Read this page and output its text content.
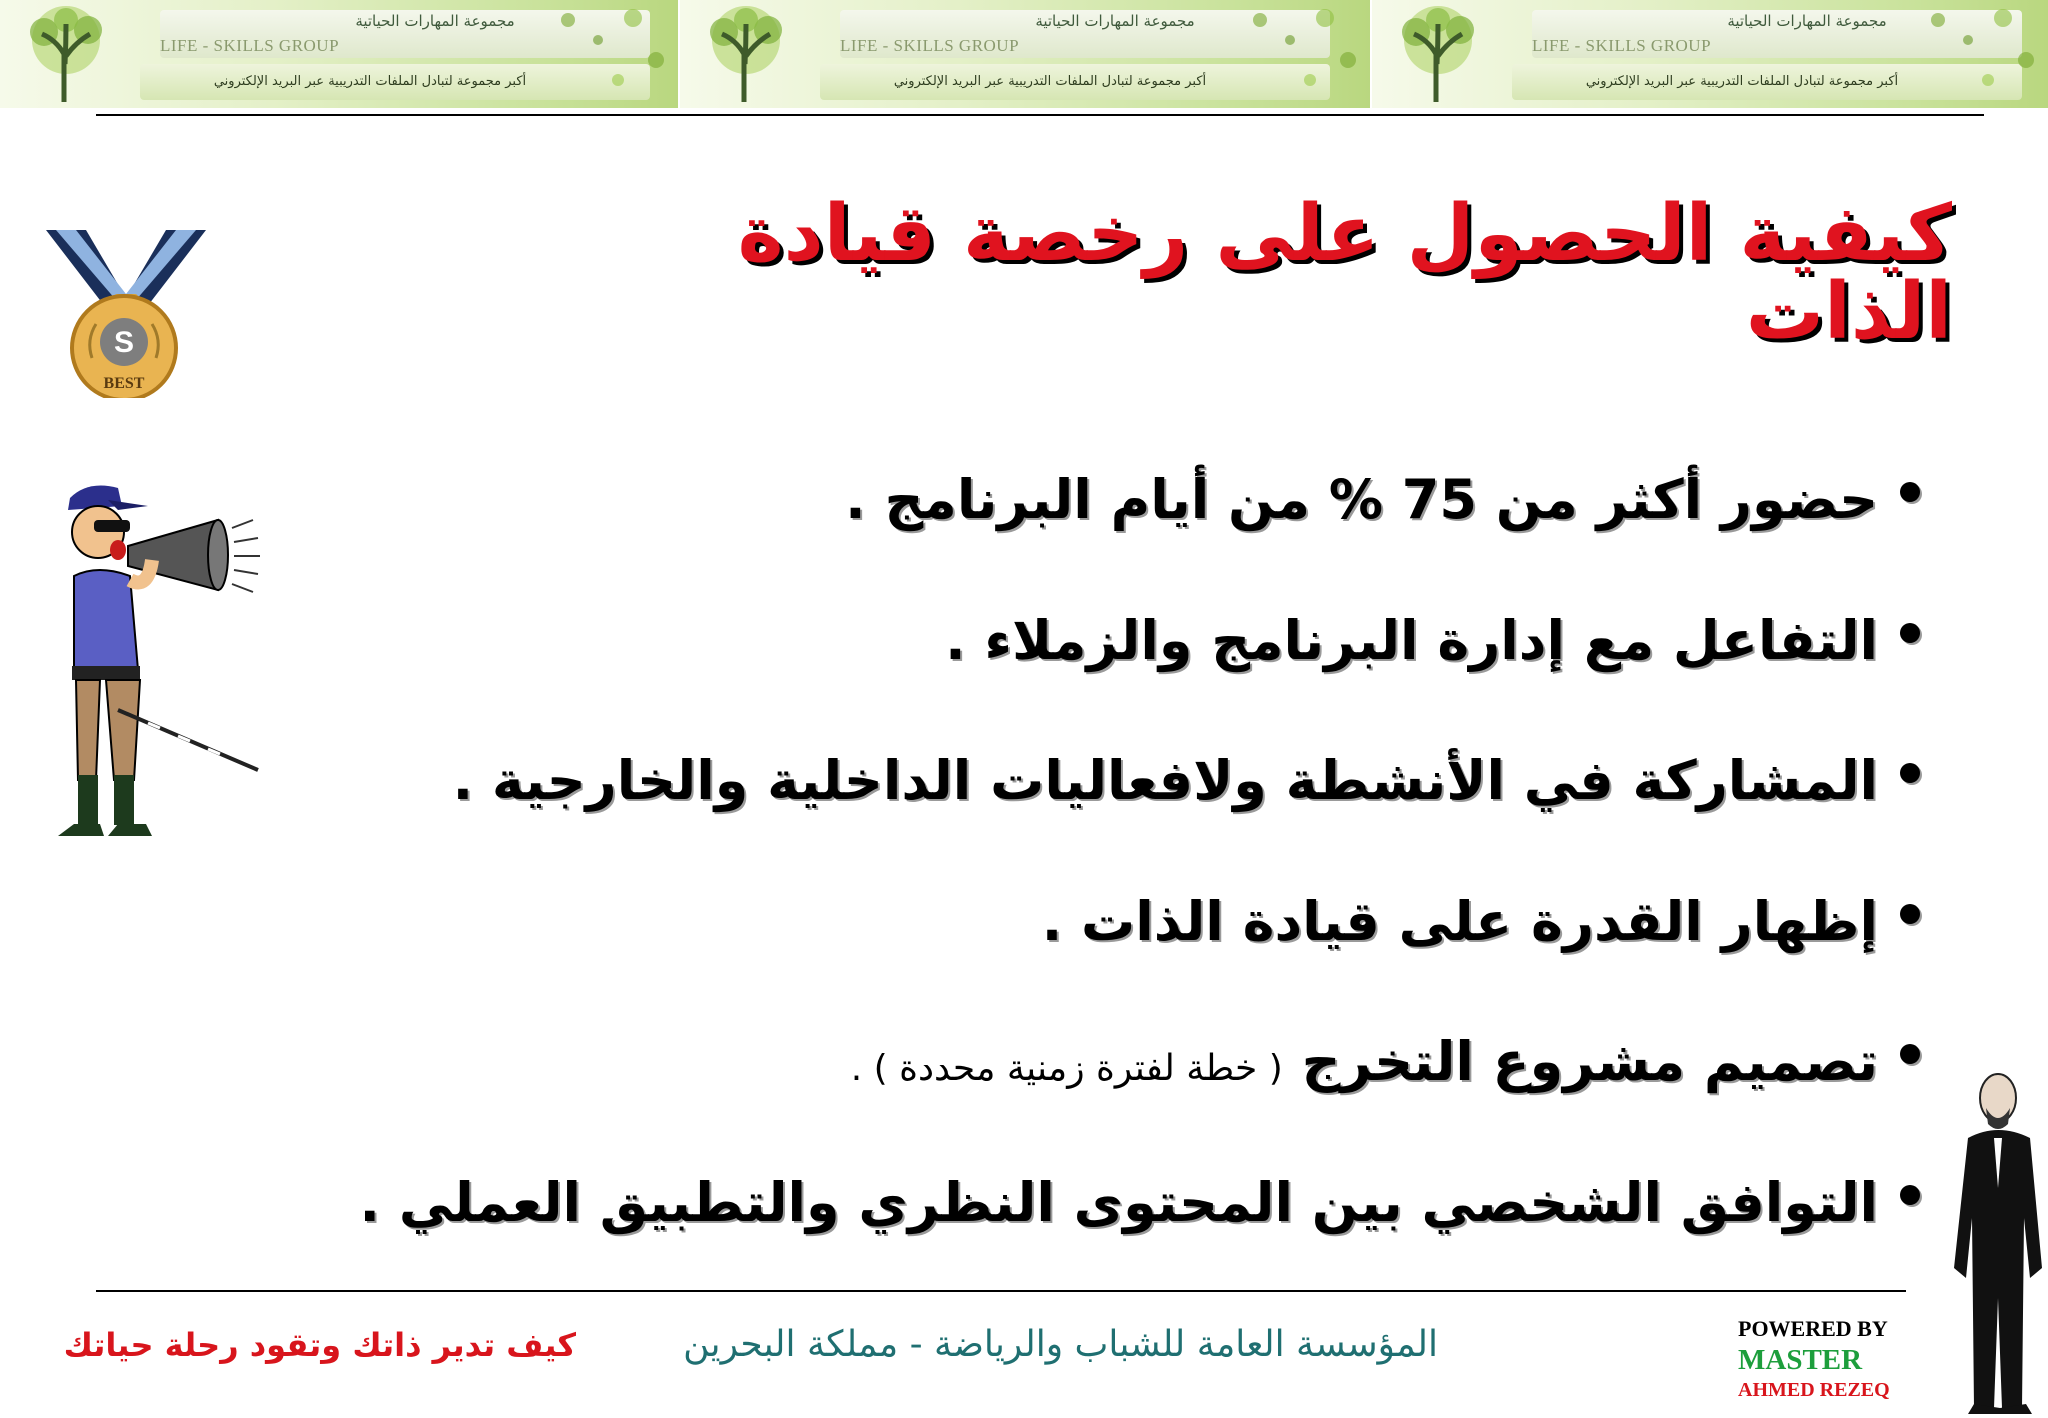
مجموعة المهارات الحياتية
LIFE - SKILLS GROUP
أكبر مجموعة لتبادل الملفات التدريبية عبر البريد الإلكتروني
مجموعة المهارات الحياتية
LIFE - SKILLS GROUP
أكبر مجموعة لتبادل الملفات التدريبية عبر البريد الإلكتروني
مجموعة المهارات الحياتية
LIFE - SKILLS GROUP
أكبر مجموعة لتبادل الملفات التدريبية عبر البريد الإلكتروني
S
BEST
كيفية الحصول على رخصة قيادة الذات
حضور أكثر من 75 % من أيام البرنامج .
التفاعل مع إدارة البرنامج والزملاء .
المشاركة في الأنشطة ولافعاليات الداخلية والخارجية .
إظهار القدرة على قيادة الذات .
تصميم مشروع التخرج ( خطة لفترة زمنية محددة ) .
التوافق الشخصي بين المحتوى النظري والتطبيق العملي .
كيف تدير ذاتك وتقود رحلة حياتك	المؤسسة العامة للشباب والرياضة - مملكة البحرين	POWERED BY
MASTER
AHMED REZEQ
